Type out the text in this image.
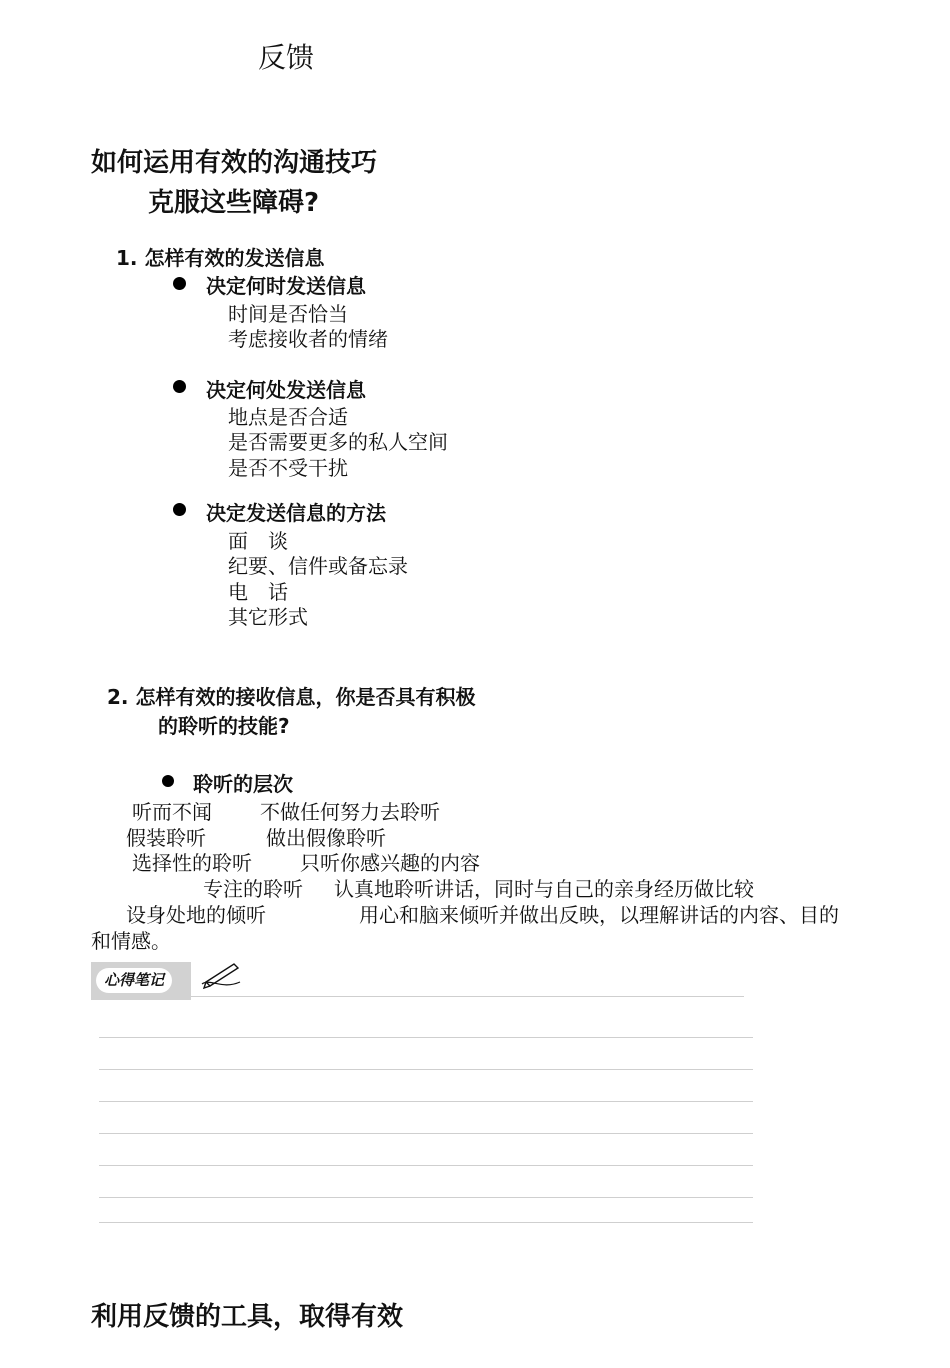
反馈
如何运用有效的沟通技巧
克服这些障碍?
1. 怎样有效的发送信息
决定何时发送信息
时间是否恰当
考虑接收者的情绪
决定何处发送信息
地点是否合适
是否需要更多的私人空间
是否不受干扰
决定发送信息的方法
面　谈
纪要、信件或备忘录
电　话
其它形式
2. 怎样有效的接收信息，你是否具有积极
的聆听的技能?
聆听的层次
听而不闻 不做任何努力去聆听
假装聆听	做出假像聆听
选择性的聆听 只听你感兴趣的内容
专注的聆听 认真地聆听讲话，同时与自己的亲身经历做比较
设身处地的倾听	用心和脑来倾听并做出反映，以理解讲话的内容、目的
和情感。
心得笔记
利用反馈的工具，取得有效
